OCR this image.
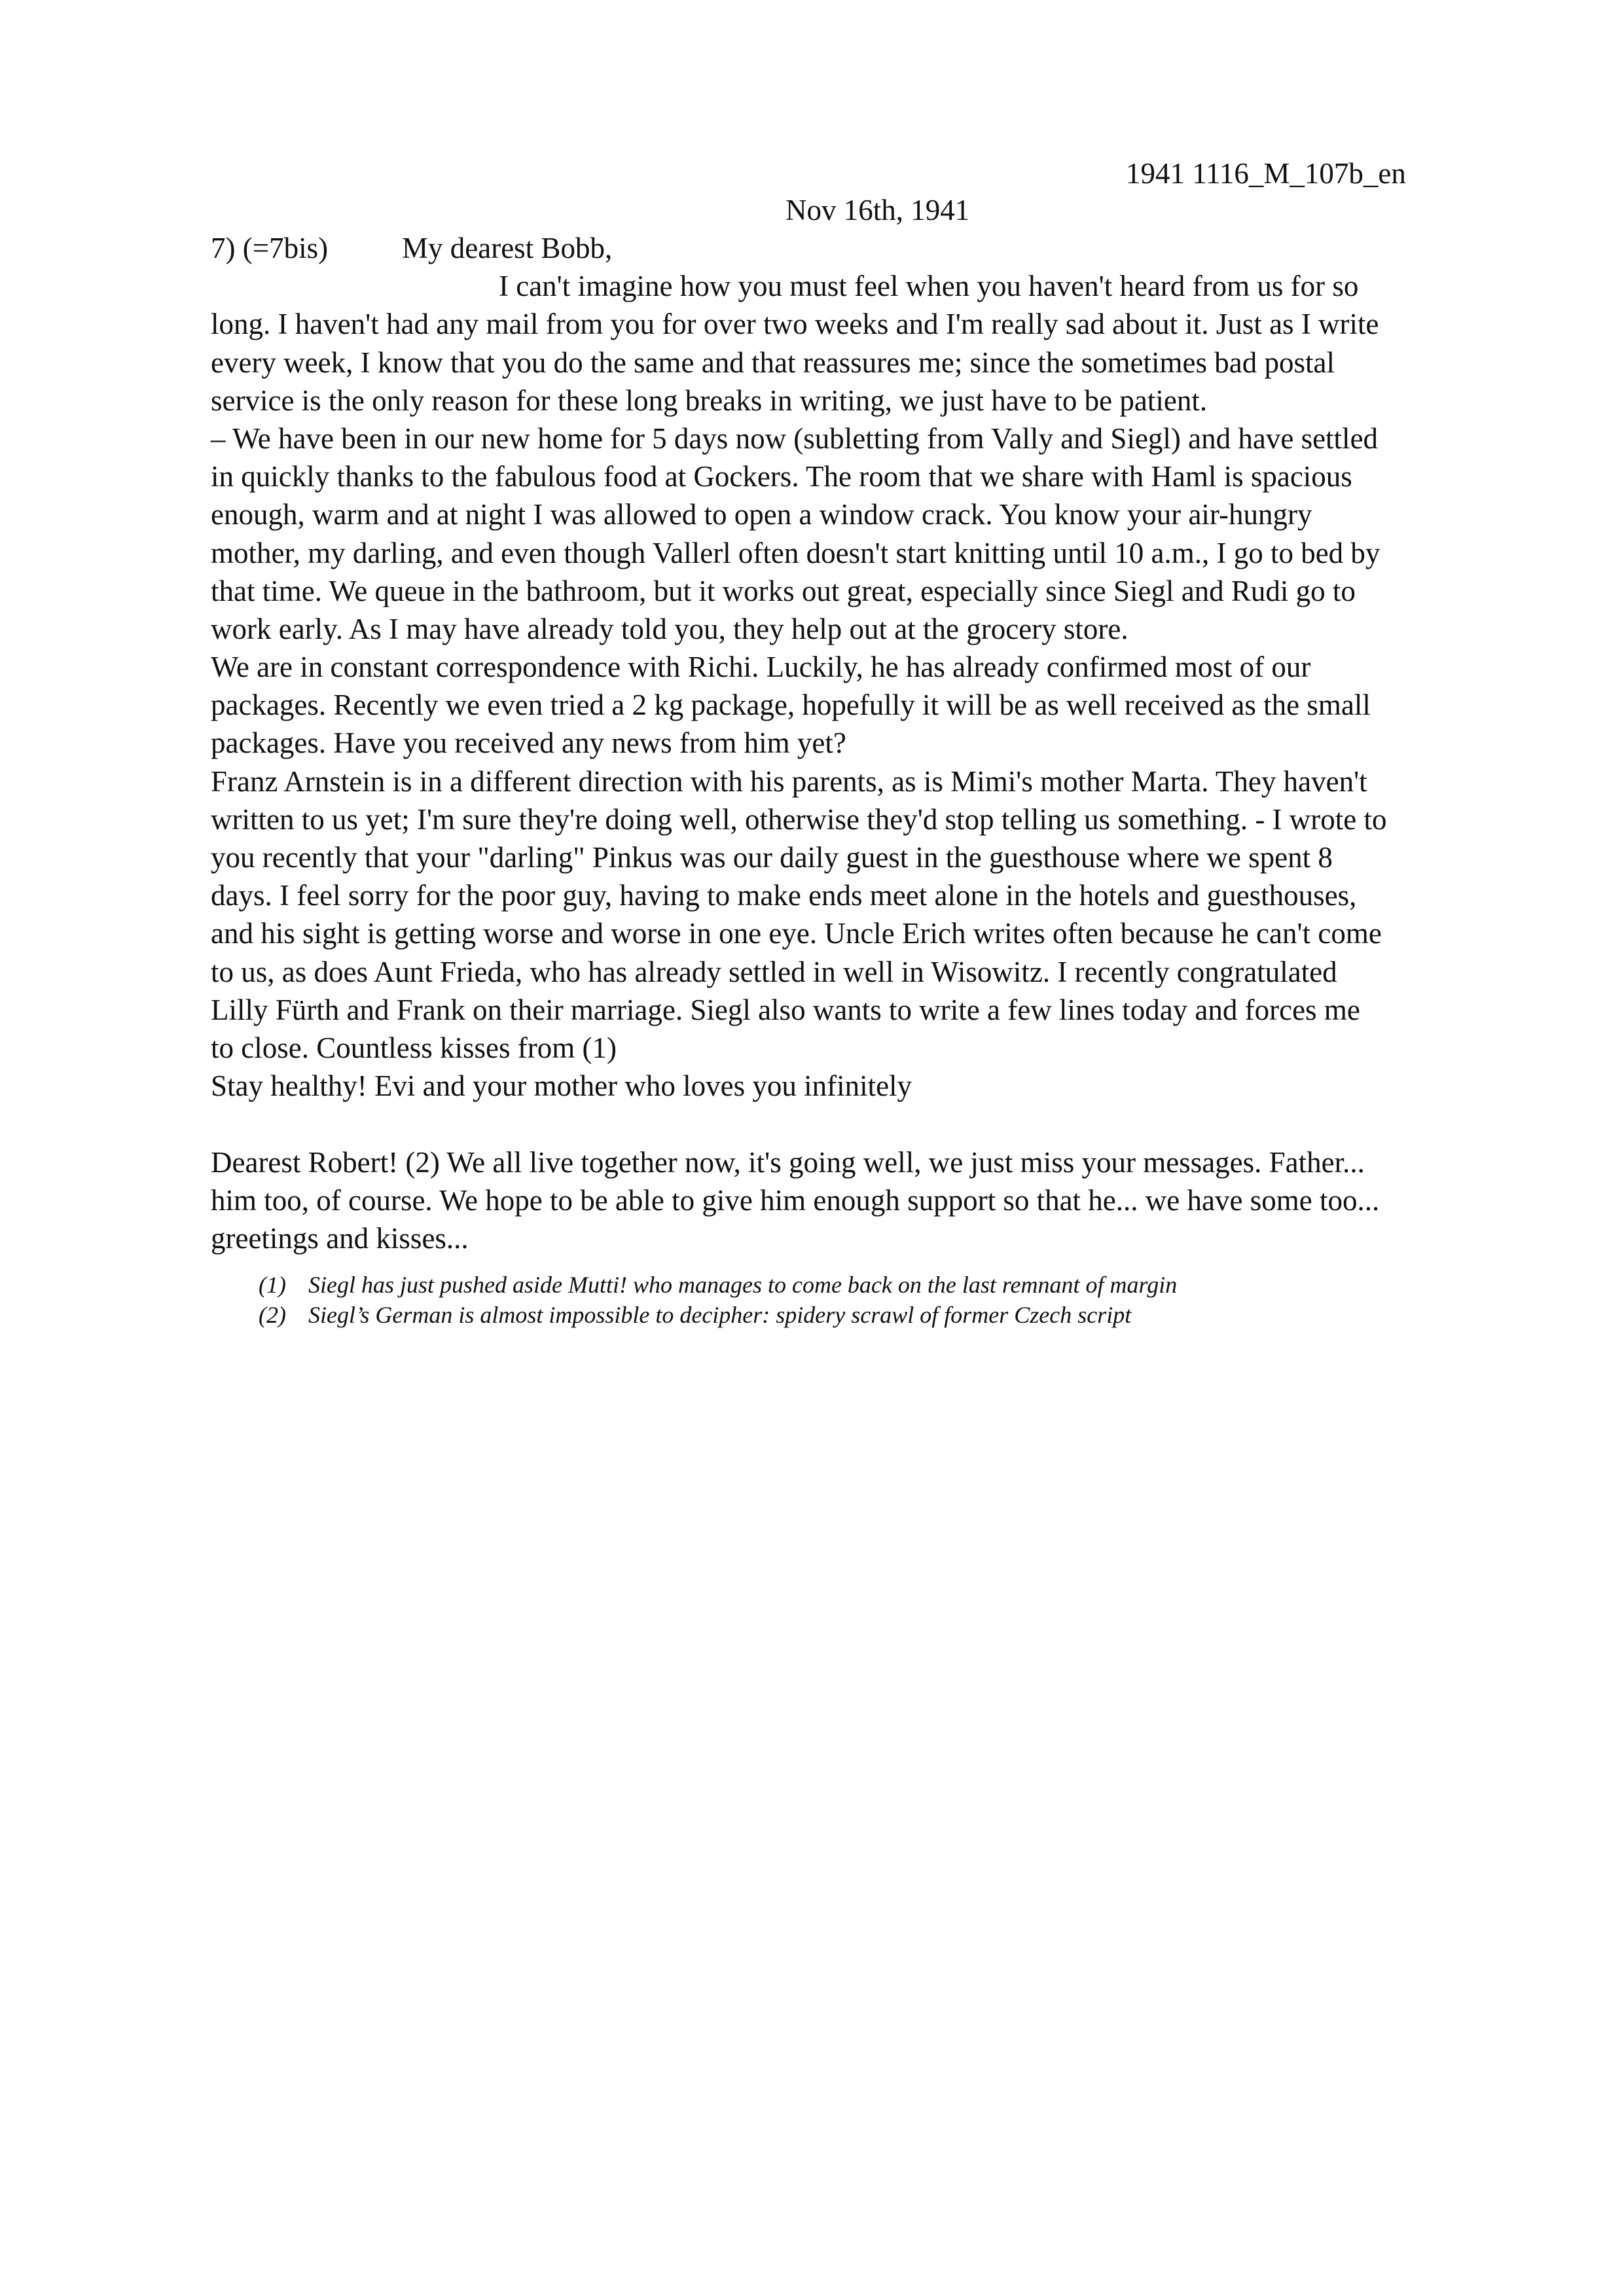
1941 1116_M_107b_en
Nov 16th, 1941
7) (=7bis)	My dearest Bobb,
I can't imagine how you must feel when you haven't heard from us for so
long. I haven't had any mail from you for over two weeks and I'm really sad about it. Just as I write
every week, I know that you do the same and that reassures me; since the sometimes bad postal
service is the only reason for these long breaks in writing, we just have to be patient.
– We have been in our new home for 5 days now (subletting from Vally and Siegl) and have settled
in quickly thanks to the fabulous food at Gockers. The room that we share with Haml is spacious
enough, warm and at night I was allowed to open a window crack. You know your air-hungry
mother, my darling, and even though Vallerl often doesn't start knitting until 10 a.m., I go to bed by
that time. We queue in the bathroom, but it works out great, especially since Siegl and Rudi go to
work early. As I may have already told you, they help out at the grocery store.
We are in constant correspondence with Richi. Luckily, he has already confirmed most of our
packages. Recently we even tried a 2 kg package, hopefully it will be as well received as the small
packages. Have you received any news from him yet?
Franz Arnstein is in a different direction with his parents, as is Mimi's mother Marta. They haven't
written to us yet; I'm sure they're doing well, otherwise they'd stop telling us something. - I wrote to
you recently that your "darling" Pinkus was our daily guest in the guesthouse where we spent 8
days. I feel sorry for the poor guy, having to make ends meet alone in the hotels and guesthouses,
and his sight is getting worse and worse in one eye. Uncle Erich writes often because he can't come
to us, as does Aunt Frieda, who has already settled in well in Wisowitz. I recently congratulated
Lilly Fürth and Frank on their marriage. Siegl also wants to write a few lines today and forces me
to close. Countless kisses from (1)
Stay healthy! Evi and your mother who loves you infinitely
Dearest Robert! (2) We all live together now, it's going well, we just miss your messages. Father...
him too, of course. We hope to be able to give him enough support so that he... we have some too...
greetings and kisses...
(1) Siegl has just pushed aside Mutti! who manages to come back on the last remnant of margin
(2) Siegl’s German is almost impossible to decipher: spidery scrawl of former Czech script
